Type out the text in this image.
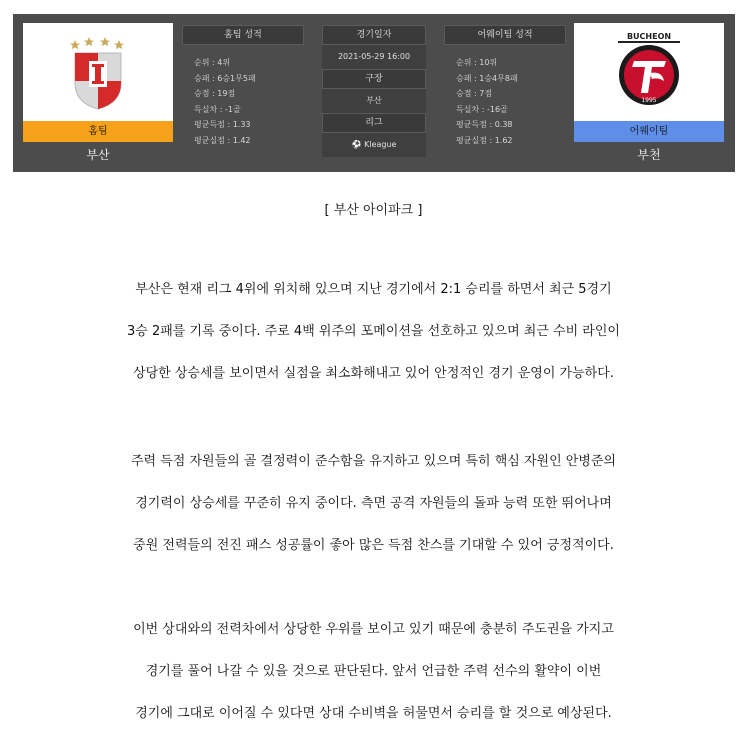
홈팀
부산
홈팀 성적
순위 : 4위
승패 : 6승1무5패
승점 : 19점
득실차 : -1골
평균득점 : 1.33
평균실점 : 1.42
경기일자
2021-05-29 16:00
구장
부산
리그
⚽ Kleague
어웨이팀 성적
순위 : 10위
승패 : 1승4무8패
승점 : 7점
득실차 : -16골
평균득점 : 0.38
평균실점 : 1.62
BUCHEON
1995
어웨이팀
부천
[ 부산 아이파크 ]
부산은 현재 리그 4위에 위치해 있으며 지난 경기에서 2:1 승리를 하면서 최근 5경기
3승 2패를 기록 중이다. 주로 4백 위주의 포메이션을 선호하고 있으며 최근 수비 라인이
상당한 상승세를 보이면서 실점을 최소화해내고 있어 안정적인 경기 운영이 가능하다.
주력 득점 자원들의 골 결정력이 준수함을 유지하고 있으며 특히 핵심 자원인 안병준의
경기력이 상승세를 꾸준히 유지 중이다. 측면 공격 자원들의 돌파 능력 또한 뛰어나며
중원 전력들의 전진 패스 성공률이 좋아 많은 득점 찬스를 기대할 수 있어 긍정적이다.
이번 상대와의 전력차에서 상당한 우위를 보이고 있기 때문에 충분히 주도권을 가지고
경기를 풀어 나갈 수 있을 것으로 판단된다. 앞서 언급한 주력 선수의 활약이 이번
경기에 그대로 이어질 수 있다면 상대 수비벽을 허물면서 승리를 할 것으로 예상된다.
